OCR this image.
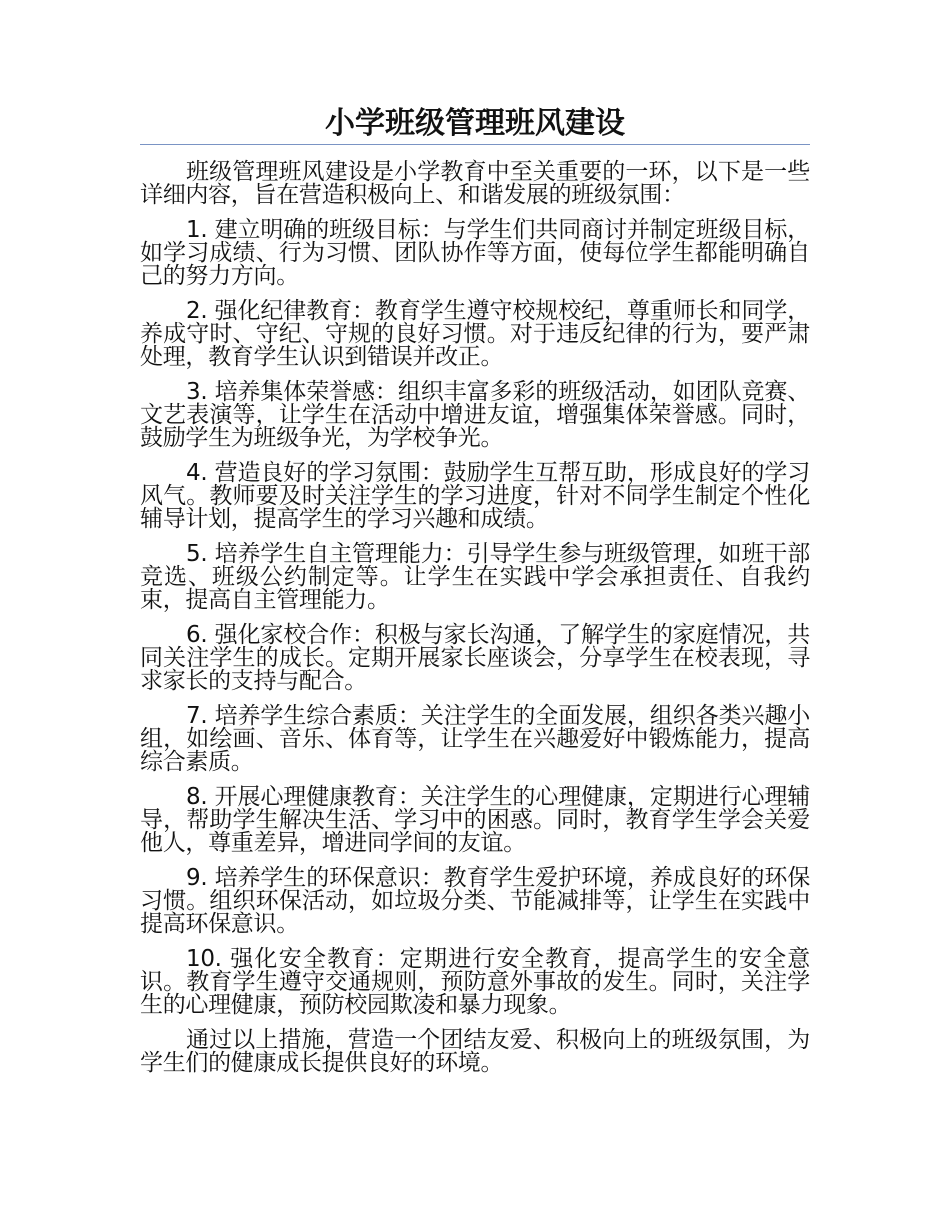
小学班级管理班风建设

班级管理班风建设是小学教育中至关重要的一环，以下是一些详细内容，旨在营造积极向上、和谐发展的班级氛围：

1. 建立明确的班级目标：与学生们共同商讨并制定班级目标，如学习成绩、行为习惯、团队协作等方面，使每位学生都能明确自己的努力方向。

2. 强化纪律教育：教育学生遵守校规校纪，尊重师长和同学，养成守时、守纪、守规的良好习惯。对于违反纪律的行为，要严肃处理，教育学生认识到错误并改正。

3. 培养集体荣誉感：组织丰富多彩的班级活动，如团队竞赛、文艺表演等，让学生在活动中增进友谊，增强集体荣誉感。同时，鼓励学生为班级争光，为学校争光。

4. 营造良好的学习氛围：鼓励学生互帮互助，形成良好的学习风气。教师要及时关注学生的学习进度，针对不同学生制定个性化辅导计划，提高学生的学习兴趣和成绩。

5. 培养学生自主管理能力：引导学生参与班级管理，如班干部竞选、班级公约制定等。让学生在实践中学会承担责任、自我约束，提高自主管理能力。

6. 强化家校合作：积极与家长沟通，了解学生的家庭情况，共同关注学生的成长。定期开展家长座谈会，分享学生在校表现，寻求家长的支持与配合。

7. 培养学生综合素质：关注学生的全面发展，组织各类兴趣小组，如绘画、音乐、体育等，让学生在兴趣爱好中锻炼能力，提高综合素质。

8. 开展心理健康教育：关注学生的心理健康，定期进行心理辅导，帮助学生解决生活、学习中的困惑。同时，教育学生学会关爱他人，尊重差异，增进同学间的友谊。

9. 培养学生的环保意识：教育学生爱护环境，养成良好的环保习惯。组织环保活动，如垃圾分类、节能减排等，让学生在实践中提高环保意识。

10. 强化安全教育：定期进行安全教育，提高学生的安全意识。教育学生遵守交通规则，预防意外事故的发生。同时，关注学生的心理健康，预防校园欺凌和暴力现象。

通过以上措施，营造一个团结友爱、积极向上的班级氛围，为学生们的健康成长提供良好的环境。
